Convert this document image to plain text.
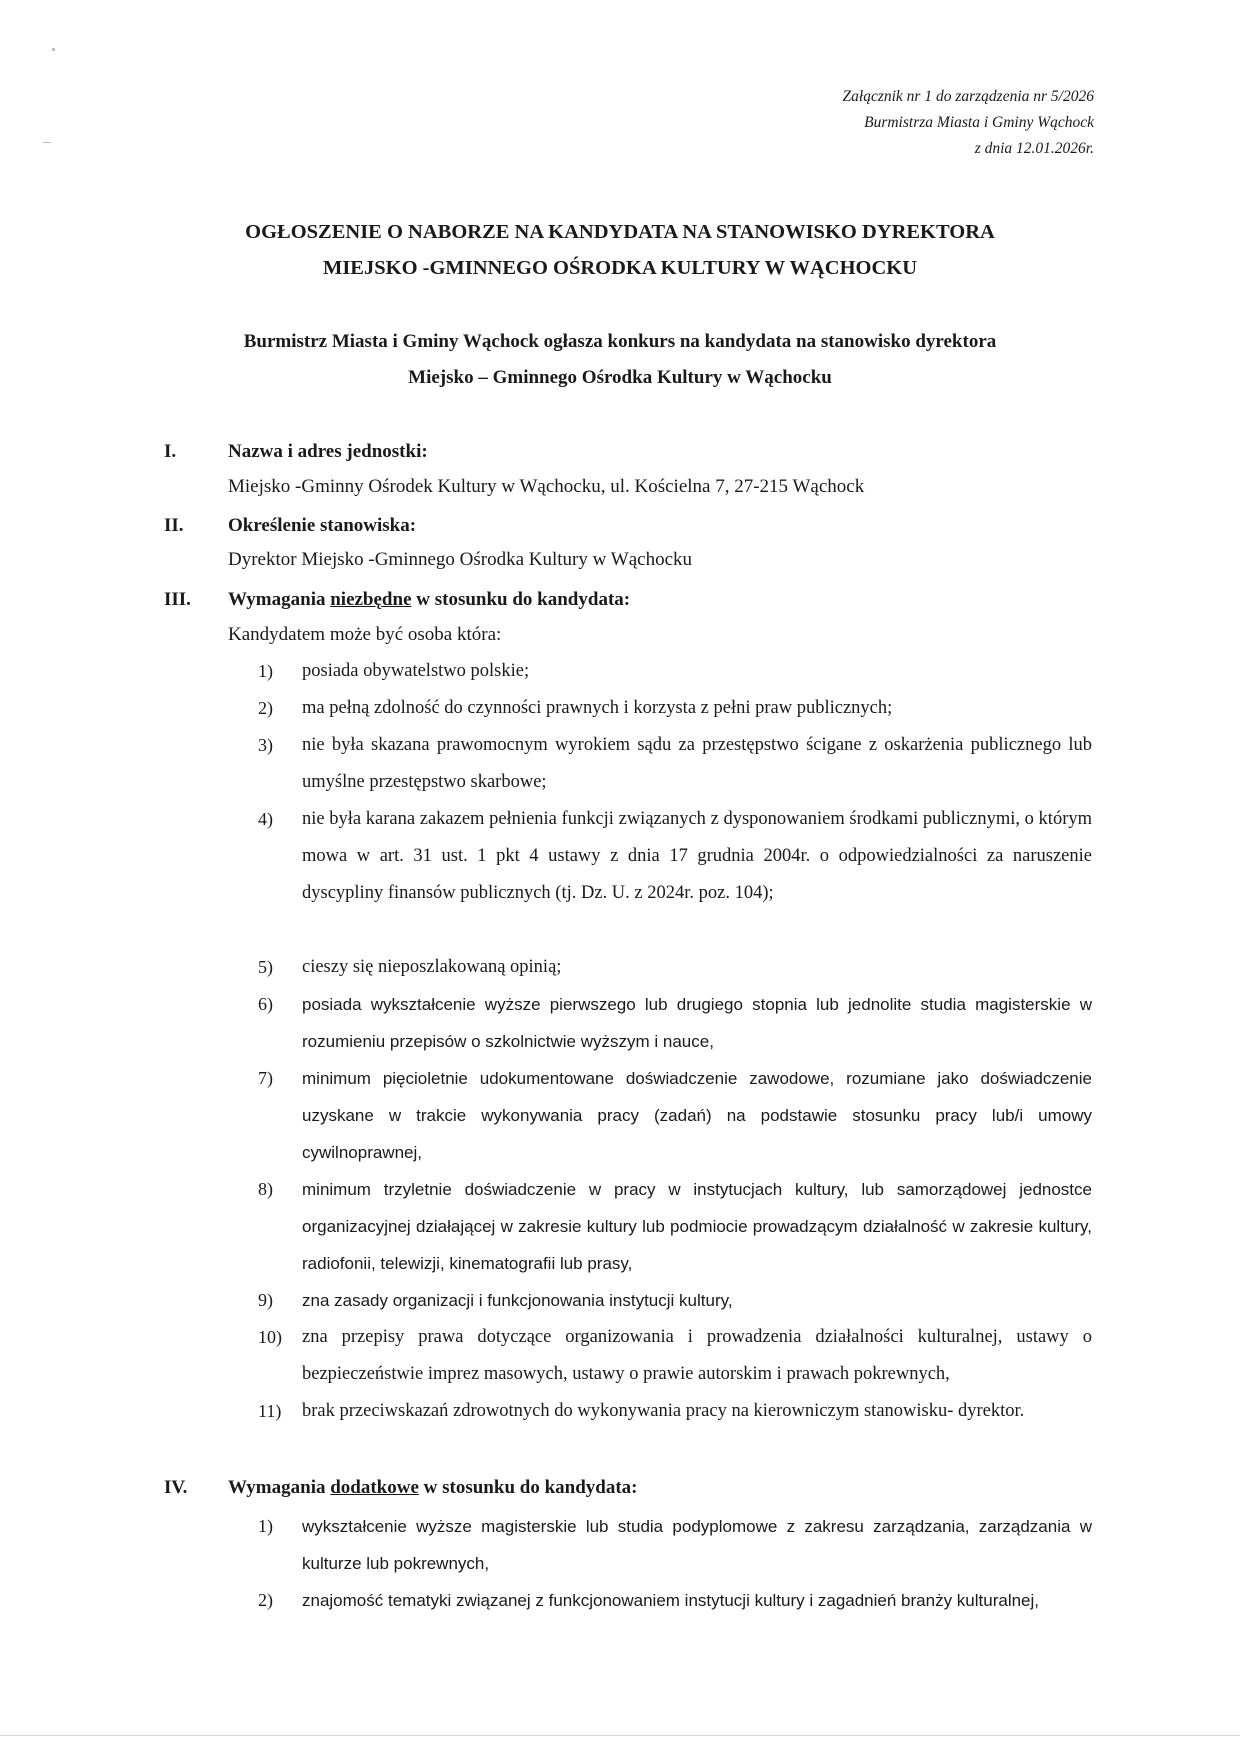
Załącznik nr 1 do zarządzenia nr 5/2026
Burmistrza Miasta i Gminy Wąchock
z dnia 12.01.2026r.
OGŁOSZENIE O NABORZE NA KANDYDATA NA STANOWISKO DYREKTORA
MIEJSKO -GMINNEGO OŚRODKA KULTURY W WĄCHOCKU
Burmistrz Miasta i Gminy Wąchock ogłasza konkurs na kandydata na stanowisko dyrektora
Miejsko – Gminnego Ośrodka Kultury w Wąchocku
I.	Nazwa i adres jednostki:
Miejsko -Gminny Ośrodek Kultury w Wąchocku, ul. Kościelna 7, 27-215 Wąchock
II. Określenie stanowiska:
Dyrektor Miejsko -Gminnego Ośrodka Kultury w Wąchocku
III. Wymagania niezbędne w stosunku do kandydata:
Kandydatem może być osoba która:
1)	posiada obywatelstwo polskie;
2)	ma pełną zdolność do czynności prawnych i korzysta z pełni praw publicznych;
3)	nie była skazana prawomocnym wyrokiem sądu za przestępstwo ścigane z oskarżenia publicznego lub umyślne przestępstwo skarbowe;
4)	nie była karana zakazem pełnienia funkcji związanych z dysponowaniem środkami publicznymi, o którym mowa w art. 31 ust. 1 pkt 4 ustawy z dnia 17 grudnia 2004r. o odpowiedzialności za naruszenie dyscypliny finansów publicznych (tj. Dz. U. z 2024r. poz. 104);
5)	cieszy się nieposzlakowaną opinią;
6)	posiada wykształcenie wyższe pierwszego lub drugiego stopnia lub jednolite studia magisterskie w rozumieniu przepisów o szkolnictwie wyższym i nauce,
7)	minimum pięcioletnie udokumentowane doświadczenie zawodowe, rozumiane jako doświadczenie uzyskane w trakcie wykonywania pracy (zadań) na podstawie stosunku pracy lub/i umowy cywilnoprawnej,
8)	minimum trzyletnie doświadczenie w pracy w instytucjach kultury, lub samorządowej jednostce organizacyjnej działającej w zakresie kultury lub podmiocie prowadzącym działalność w zakresie kultury, radiofonii, telewizji, kinematografii lub prasy,
9)	zna zasady organizacji i funkcjonowania instytucji kultury,
10)	zna przepisy prawa dotyczące organizowania i prowadzenia działalności kulturalnej, ustawy o bezpieczeństwie imprez masowych, ustawy o prawie autorskim i prawach pokrewnych,
11)	brak przeciwskazań zdrowotnych do wykonywania pracy na kierowniczym stanowisku- dyrektor.
IV. Wymagania dodatkowe w stosunku do kandydata:
1)	wykształcenie wyższe magisterskie lub studia podyplomowe z zakresu zarządzania, zarządzania w kulturze lub pokrewnych,
2)	znajomość tematyki związanej z funkcjonowaniem instytucji kultury i zagadnień branży kulturalnej,
